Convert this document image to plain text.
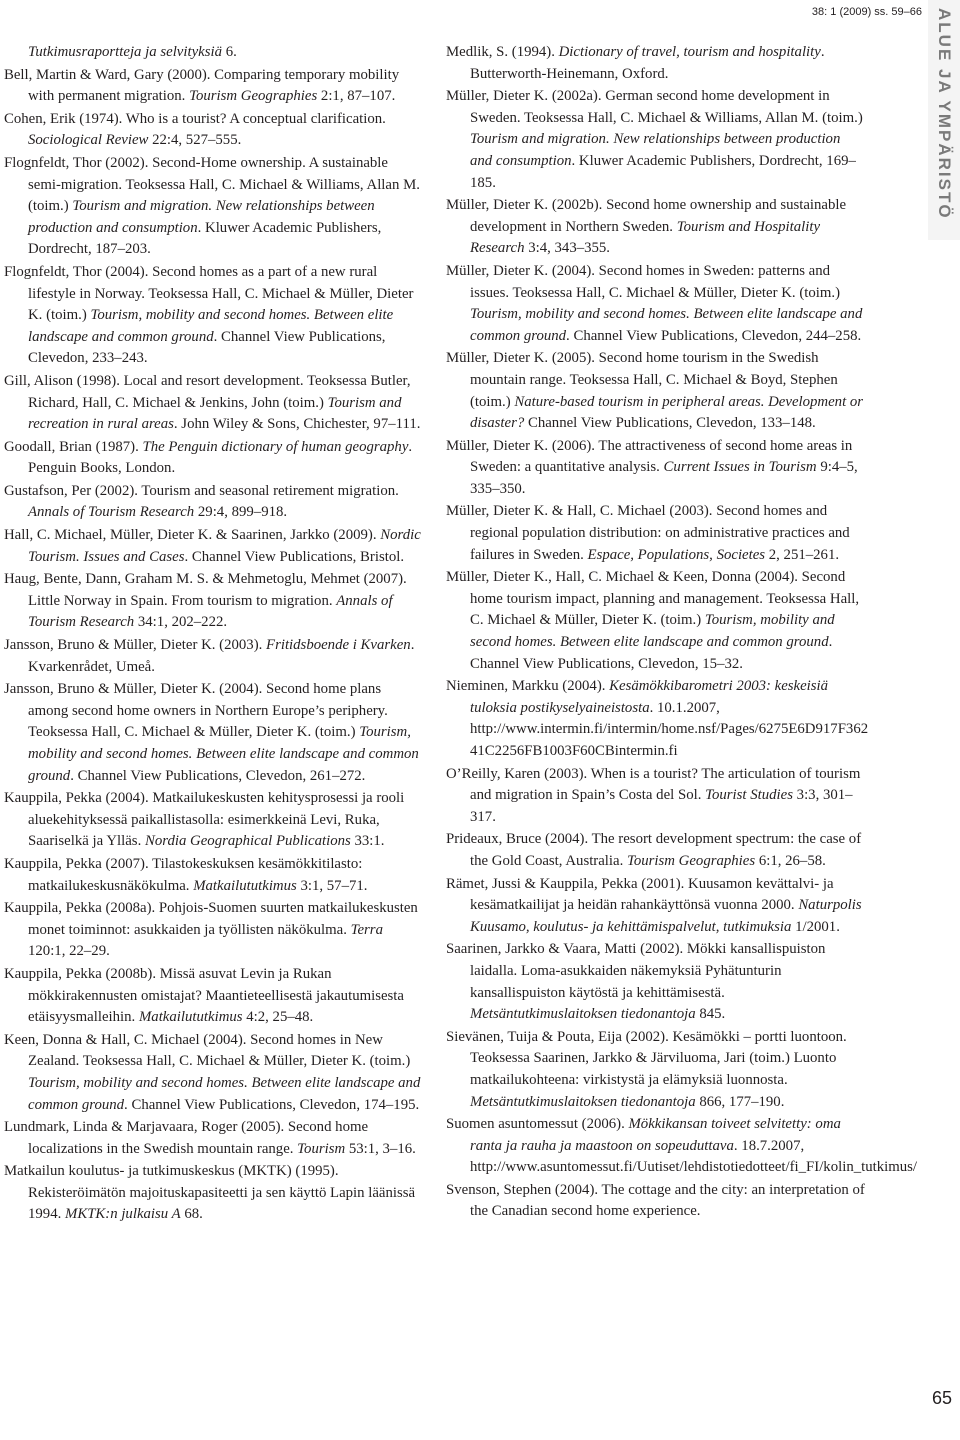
38: 1 (2009) ss. 59–66 ALUE JA YMPÄRISTÖ

Tutkimusraportteja ja selvityksiä 6.

Bell, Martin & Ward, Gary (2000). Comparing temporary mobility with permanent migration. Tourism Geographies 2:1, 87–107.

Cohen, Erik (1974). Who is a tourist? A conceptual clarification. Sociological Review 22:4, 527–555.

Flognfeldt, Thor (2002). Second-Home ownership. A sustainable semi-migration. Teoksessa Hall, C. Michael & Williams, Allan M. (toim.) Tourism and migration. New relationships between production and consumption. Kluwer Academic Publishers, Dordrecht, 187–203.

Flognfeldt, Thor (2004). Second homes as a part of a new rural lifestyle in Norway. Teoksessa Hall, C. Michael & Müller, Dieter K. (toim.) Tourism, mobility and second homes. Between elite landscape and common ground. Channel View Publications, Clevedon, 233–243.

Gill, Alison (1998). Local and resort development. Teoksessa Butler, Richard, Hall, C. Michael & Jenkins, John (toim.) Tourism and recreation in rural areas. John Wiley & Sons, Chichester, 97–111.

Goodall, Brian (1987). The Penguin dictionary of human geography. Penguin Books, London.

Gustafson, Per (2002). Tourism and seasonal retirement migration. Annals of Tourism Research 29:4, 899–918.

Hall, C. Michael, Müller, Dieter K. & Saarinen, Jarkko (2009). Nordic Tourism. Issues and Cases. Channel View Publications, Bristol.

Haug, Bente, Dann, Graham M. S. & Mehmetoglu, Mehmet (2007). Little Norway in Spain. From tourism to migration. Annals of Tourism Research 34:1, 202–222.

Jansson, Bruno & Müller, Dieter K. (2003). Fritidsboende i Kvarken. Kvarkenrådet, Umeå.

Jansson, Bruno & Müller, Dieter K. (2004). Second home plans among second home owners in Northern Europe’s periphery. Teoksessa Hall, C. Michael & Müller, Dieter K. (toim.) Tourism, mobility and second homes. Between elite landscape and common ground. Channel View Publications, Clevedon, 261–272.

Kauppila, Pekka (2004). Matkailukeskusten kehitysprosessi ja rooli aluekehityksessä paikallistasolla: esimerkkeinä Levi, Ruka, Saariselkä ja Ylläs. Nordia Geographical Publications 33:1.

Kauppila, Pekka (2007). Tilastokeskuksen kesämökkitilasto: matkailukeskusnäkökulma. Matkailututkimus 3:1, 57–71.

Kauppila, Pekka (2008a). Pohjois-Suomen suurten matkailukeskusten monet toiminnot: asukkaiden ja työllisten näkökulma. Terra 120:1, 22–29.

Kauppila, Pekka (2008b). Missä asuvat Levin ja Rukan mökkirakennusten omistajat? Maantieteellisestä jakautumisesta etäisyysmalleihin. Matkailututkimus 4:2, 25–48.

Keen, Donna & Hall, C. Michael (2004). Second homes in New Zealand. Teoksessa Hall, C. Michael & Müller, Dieter K. (toim.) Tourism, mobility and second homes. Between elite landscape and common ground. Channel View Publications, Clevedon, 174–195.

Lundmark, Linda & Marjavaara, Roger (2005). Second home localizations in the Swedish mountain range. Tourism 53:1, 3–16.

Matkailun koulutus- ja tutkimuskeskus (MKTK) (1995). Rekisteröimätön majoituskapasiteetti ja sen käyttö Lapin läänissä 1994. MKTK:n julkaisu A 68.

Medlik, S. (1994). Dictionary of travel, tourism and hospitality. Butterworth-Heinemann, Oxford.

Müller, Dieter K. (2002a). German second home development in Sweden. Teoksessa Hall, C. Michael & Williams, Allan M. (toim.) Tourism and migration. New relationships between production and consumption. Kluwer Academic Publishers, Dordrecht, 169–185.

Müller, Dieter K. (2002b). Second home ownership and sustainable development in Northern Sweden. Tourism and Hospitality Research 3:4, 343–355.

Müller, Dieter K. (2004). Second homes in Sweden: patterns and issues. Teoksessa Hall, C. Michael & Müller, Dieter K. (toim.) Tourism, mobility and second homes. Between elite landscape and common ground. Channel View Publications, Clevedon, 244–258.

Müller, Dieter K. (2005). Second home tourism in the Swedish mountain range. Teoksessa Hall, C. Michael & Boyd, Stephen (toim.) Nature-based tourism in peripheral areas. Development or disaster? Channel View Publications, Clevedon, 133–148.

Müller, Dieter K. (2006). The attractiveness of second home areas in Sweden: a quantitative analysis. Current Issues in Tourism 9:4–5, 335–350.

Müller, Dieter K. & Hall, C. Michael (2003). Second homes and regional population distribution: on administrative practices and failures in Sweden. Espace, Populations, Societes 2, 251–261.

Müller, Dieter K., Hall, C. Michael & Keen, Donna (2004). Second home tourism impact, planning and management. Teoksessa Hall, C. Michael & Müller, Dieter K. (toim.) Tourism, mobility and second homes. Between elite landscape and common ground. Channel View Publications, Clevedon, 15–32.

Nieminen, Markku (2004). Kesämökkibarometri 2003: keskeisiä tuloksia postikyselyaineistosta. 10.1.2007, http://www.intermin.fi/intermin/home.nsf/Pages/6275E6D917F362 41C2256FB1003F60CBintermin.fi

O’Reilly, Karen (2003). When is a tourist? The articulation of tourism and migration in Spain’s Costa del Sol. Tourist Studies 3:3, 301–317.

Prideaux, Bruce (2004). The resort development spectrum: the case of the Gold Coast, Australia. Tourism Geographies 6:1, 26–58.

Rämet, Jussi & Kauppila, Pekka (2001). Kuusamon kevättalvi- ja kesämatkailijat ja heidän rahankäyttönsä vuonna 2000. Naturpolis Kuusamo, koulutus- ja kehittämispalvelut, tutkimuksia 1/2001.

Saarinen, Jarkko & Vaara, Matti (2002). Mökki kansallispuiston laidalla. Loma-asukkaiden näkemyksiä Pyhätunturin kansallispuiston käytöstä ja kehittämisestä. Metsäntutkimuslaitoksen tiedonantoja 845.

Sievänen, Tuija & Pouta, Eija (2002). Kesämökki – portti luontoon. Teoksessa Saarinen, Jarkko & Järviluoma, Jari (toim.) Luonto matkailukohteena: virkistystä ja elämyksiä luonnosta. Metsäntutkimuslaitoksen tiedonantoja 866, 177–190.

Suomen asuntomessut (2006). Mökkikansan toiveet selvitetty: oma ranta ja rauha ja maastoon on sopeuduttava. 18.7.2007, http://www.asuntomessut.fi/Uutiset/lehdistotiedotteet/fi_FI/kolin_tutkimus/

Svenson, Stephen (2004). The cottage and the city: an interpretation of the Canadian second home experience.

65
